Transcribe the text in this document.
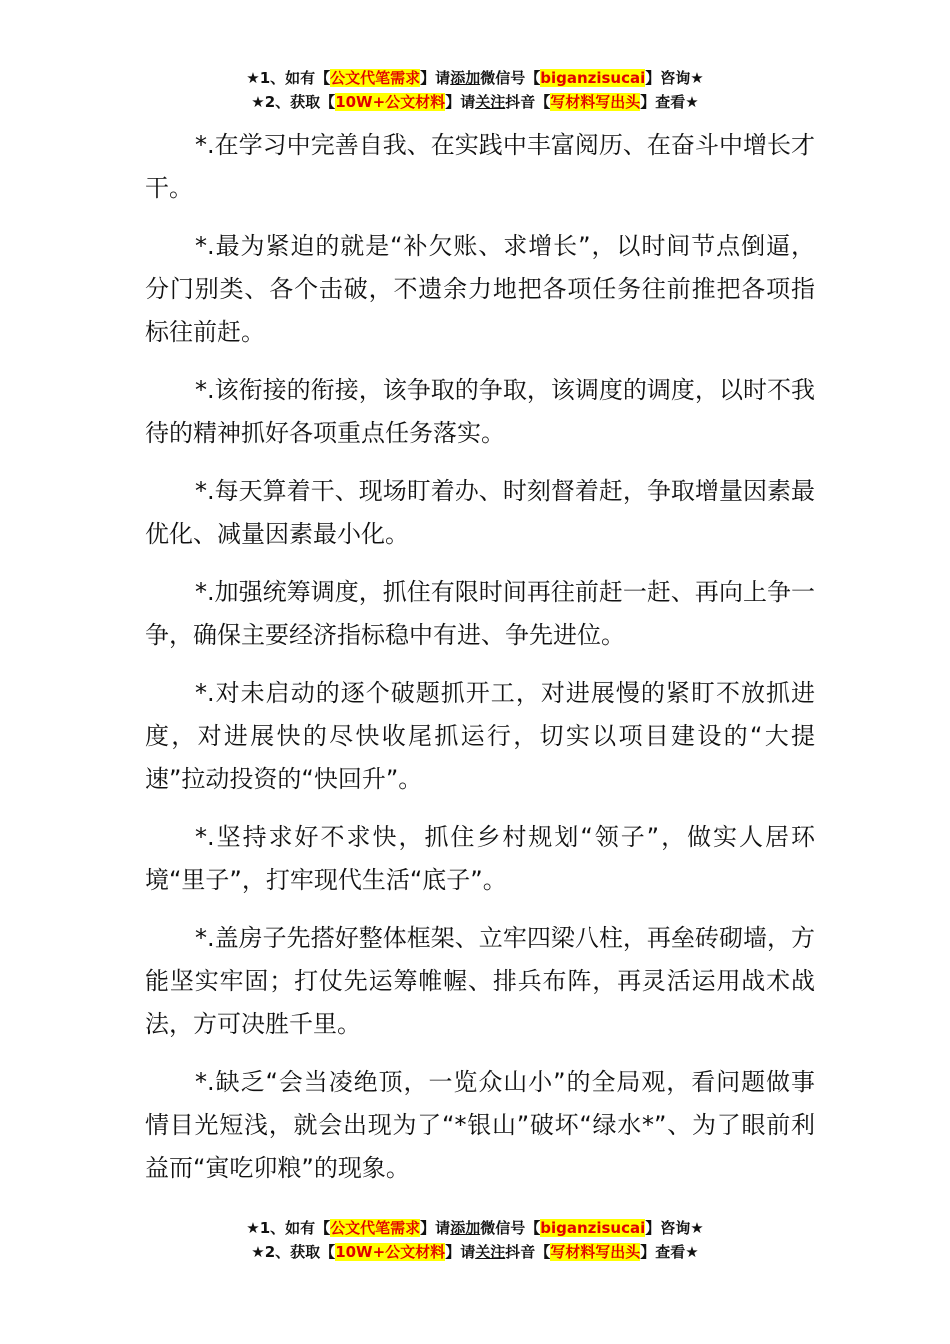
★1、如有【公文代笔需求】请添加微信号【biganzisucai】咨询★
★2、获取【10W+公文材料】请关注抖音【写材料写出头】查看★

*.在学习中完善自我、在实践中丰富阅历、在奋斗中增长才干。

*.最为紧迫的就是“补欠账、求增长”，以时间节点倒逼，分门别类、各个击破，不遗余力地把各项任务往前推把各项指标往前赶。

*.该衔接的衔接，该争取的争取，该调度的调度，以时不我待的精神抓好各项重点任务落实。

*.每天算着干、现场盯着办、时刻督着赶，争取增量因素最优化、减量因素最小化。

*.加强统筹调度，抓住有限时间再往前赶一赶、再向上争一争，确保主要经济指标稳中有进、争先进位。

*.对未启动的逐个破题抓开工，对进展慢的紧盯不放抓进度，对进展快的尽快收尾抓运行，切实以项目建设的“大提速”拉动投资的“快回升”。

*.坚持求好不求快，抓住乡村规划“领子”，做实人居环境“里子”，打牢现代生活“底子”。

*.盖房子先搭好整体框架、立牢四梁八柱，再垒砖砌墙，方能坚实牢固；打仗先运筹帷幄、排兵布阵，再灵活运用战术战法，方可决胜千里。

*.缺乏“会当凌绝顶，一览众山小”的全局观，看问题做事情目光短浅，就会出现为了“*银山”破坏“绿水*”、为了眼前利益而“寅吃卯粮”的现象。

★1、如有【公文代笔需求】请添加微信号【biganzisucai】咨询★
★2、获取【10W+公文材料】请关注抖音【写材料写出头】查看★
